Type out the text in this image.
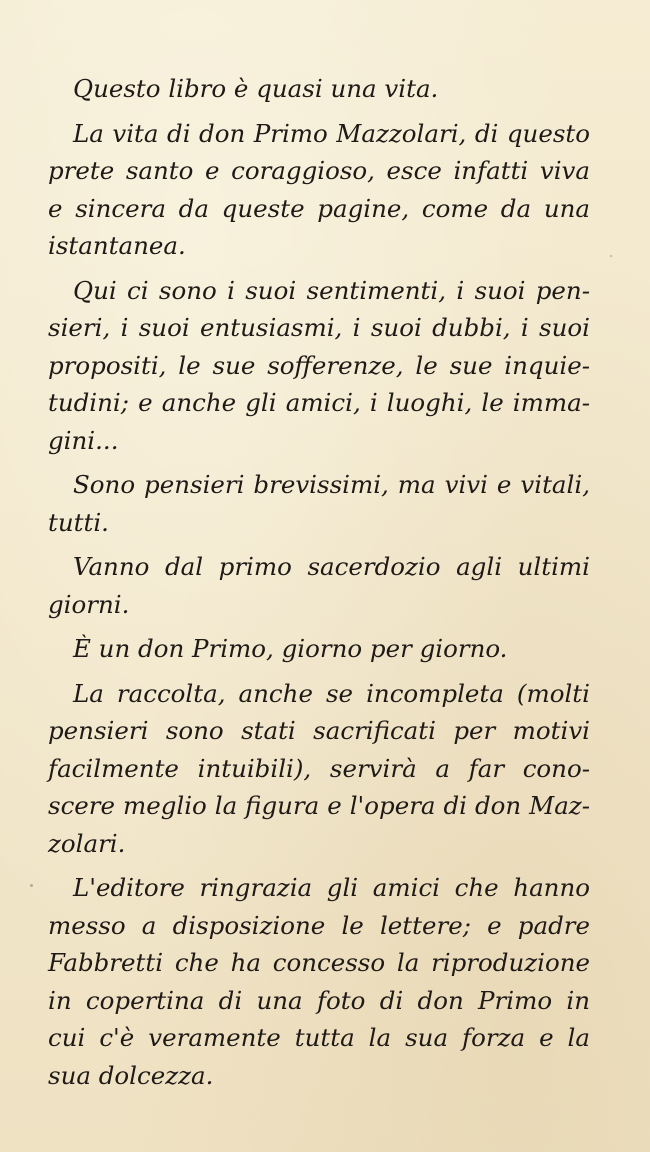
Questo libro è quasi una vita.
La vita di don Primo Mazzolari, di questo
prete santo e coraggioso, esce infatti viva
e sincera da queste pagine, come da una
istantanea.
Qui ci sono i suoi sentimenti, i suoi pen-
sieri, i suoi entusiasmi, i suoi dubbi, i suoi
propositi, le sue sofferenze, le sue inquie-
tudini; e anche gli amici, i luoghi, le imma-
gini...
Sono pensieri brevissimi, ma vivi e vitali,
tutti.
Vanno dal primo sacerdozio agli ultimi
giorni.
È un don Primo, giorno per giorno.
La raccolta, anche se incompleta (molti
pensieri sono stati sacrificati per motivi
facilmente intuibili), servirà a far cono-
scere meglio la figura e l'opera di don Maz-
zolari.
L'editore ringrazia gli amici che hanno
messo a disposizione le lettere; e padre
Fabbretti che ha concesso la riproduzione
in copertina di una foto di don Primo in
cui c'è veramente tutta la sua forza e la
sua dolcezza.
